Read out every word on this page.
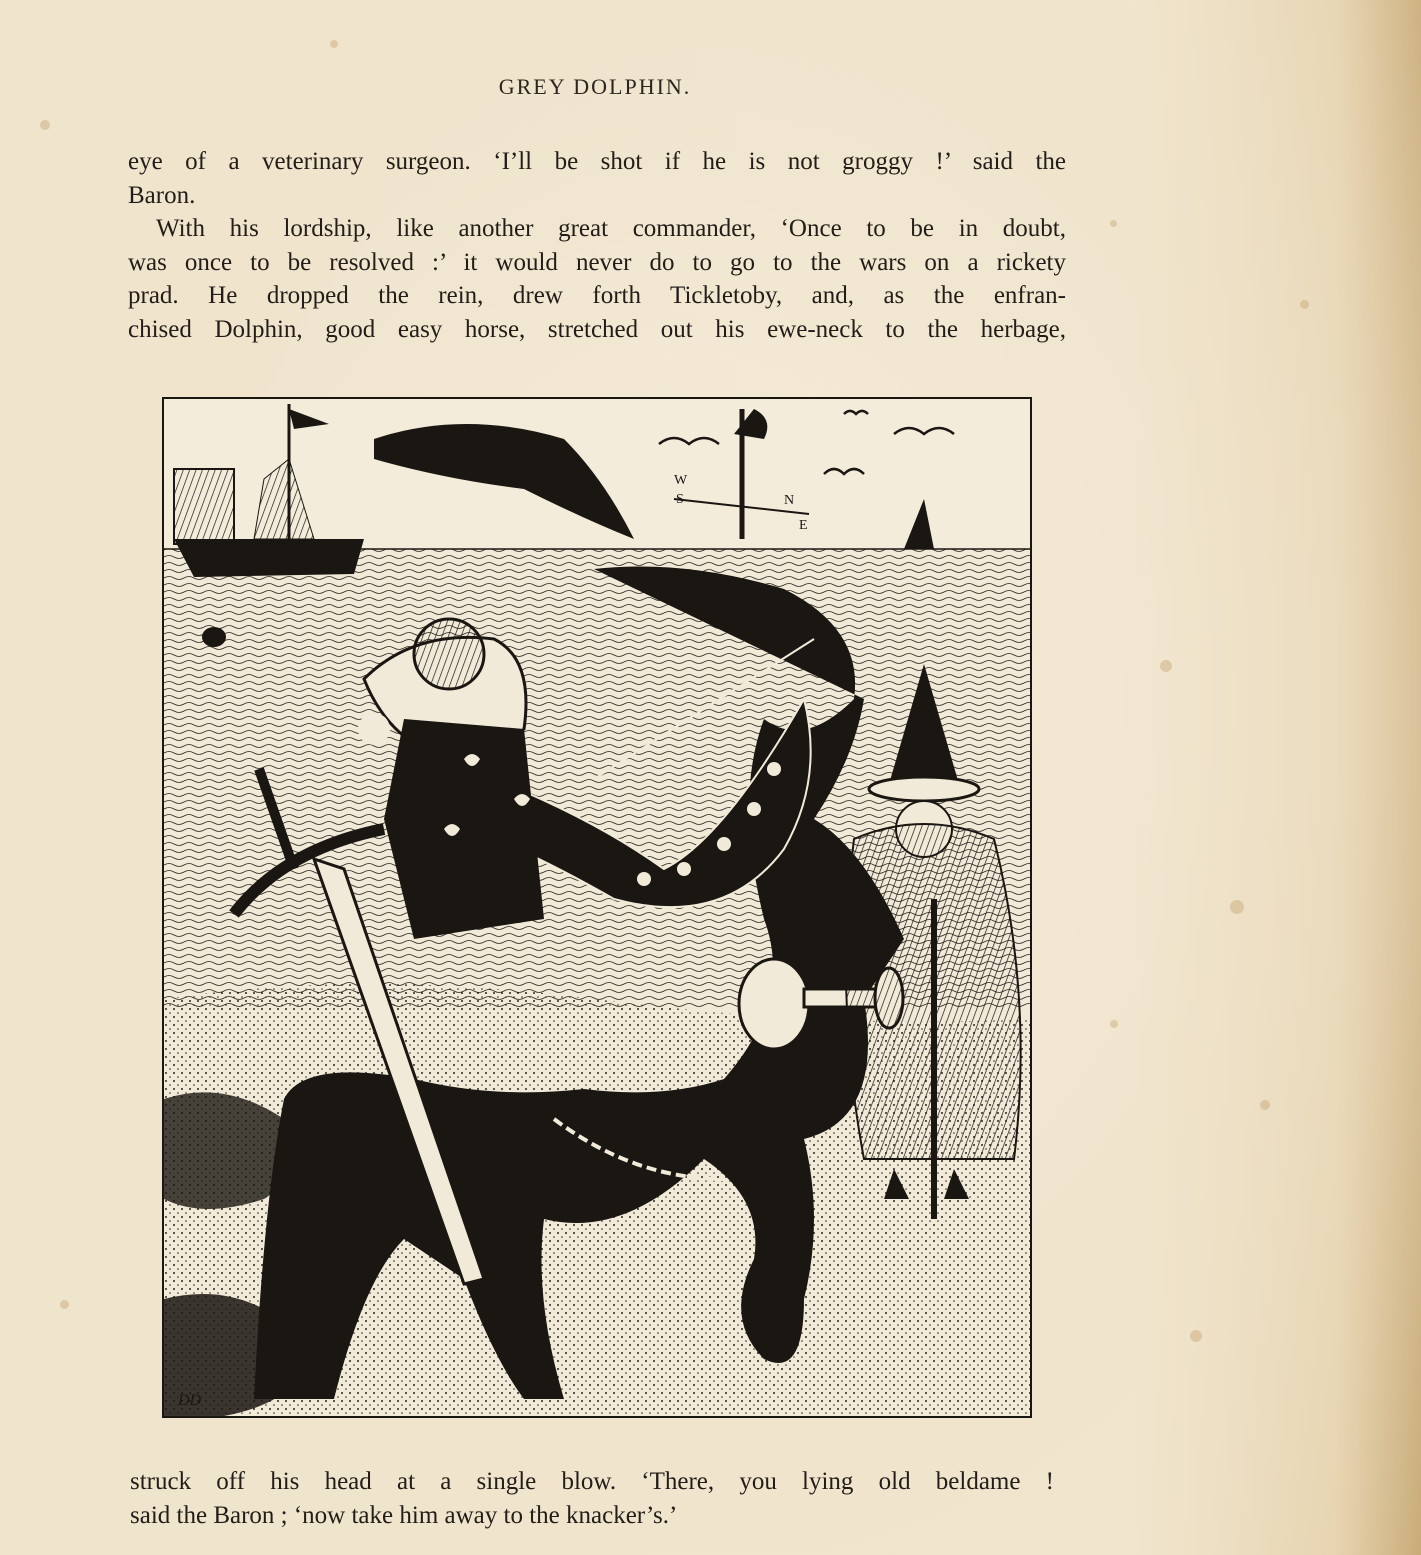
GREY DOLPHIN.
eye of a veterinary surgeon. ‘I’ll be shot if he is not groggy !’ said the
Baron.
With his lordship, like another great commander, ‘Once to be in doubt,
was once to be resolved :’ it would never do to go to the wars on a rickety
prad. He dropped the rein, drew forth Tickletoby, and, as the enfran-
chised Dolphin, good easy horse, stretched out his ewe-neck to the herbage,
W
S	N
E
DD
struck off his head at a single blow. ‘There, you lying old beldame !
said the Baron ; ‘now take him away to the knacker’s.’
